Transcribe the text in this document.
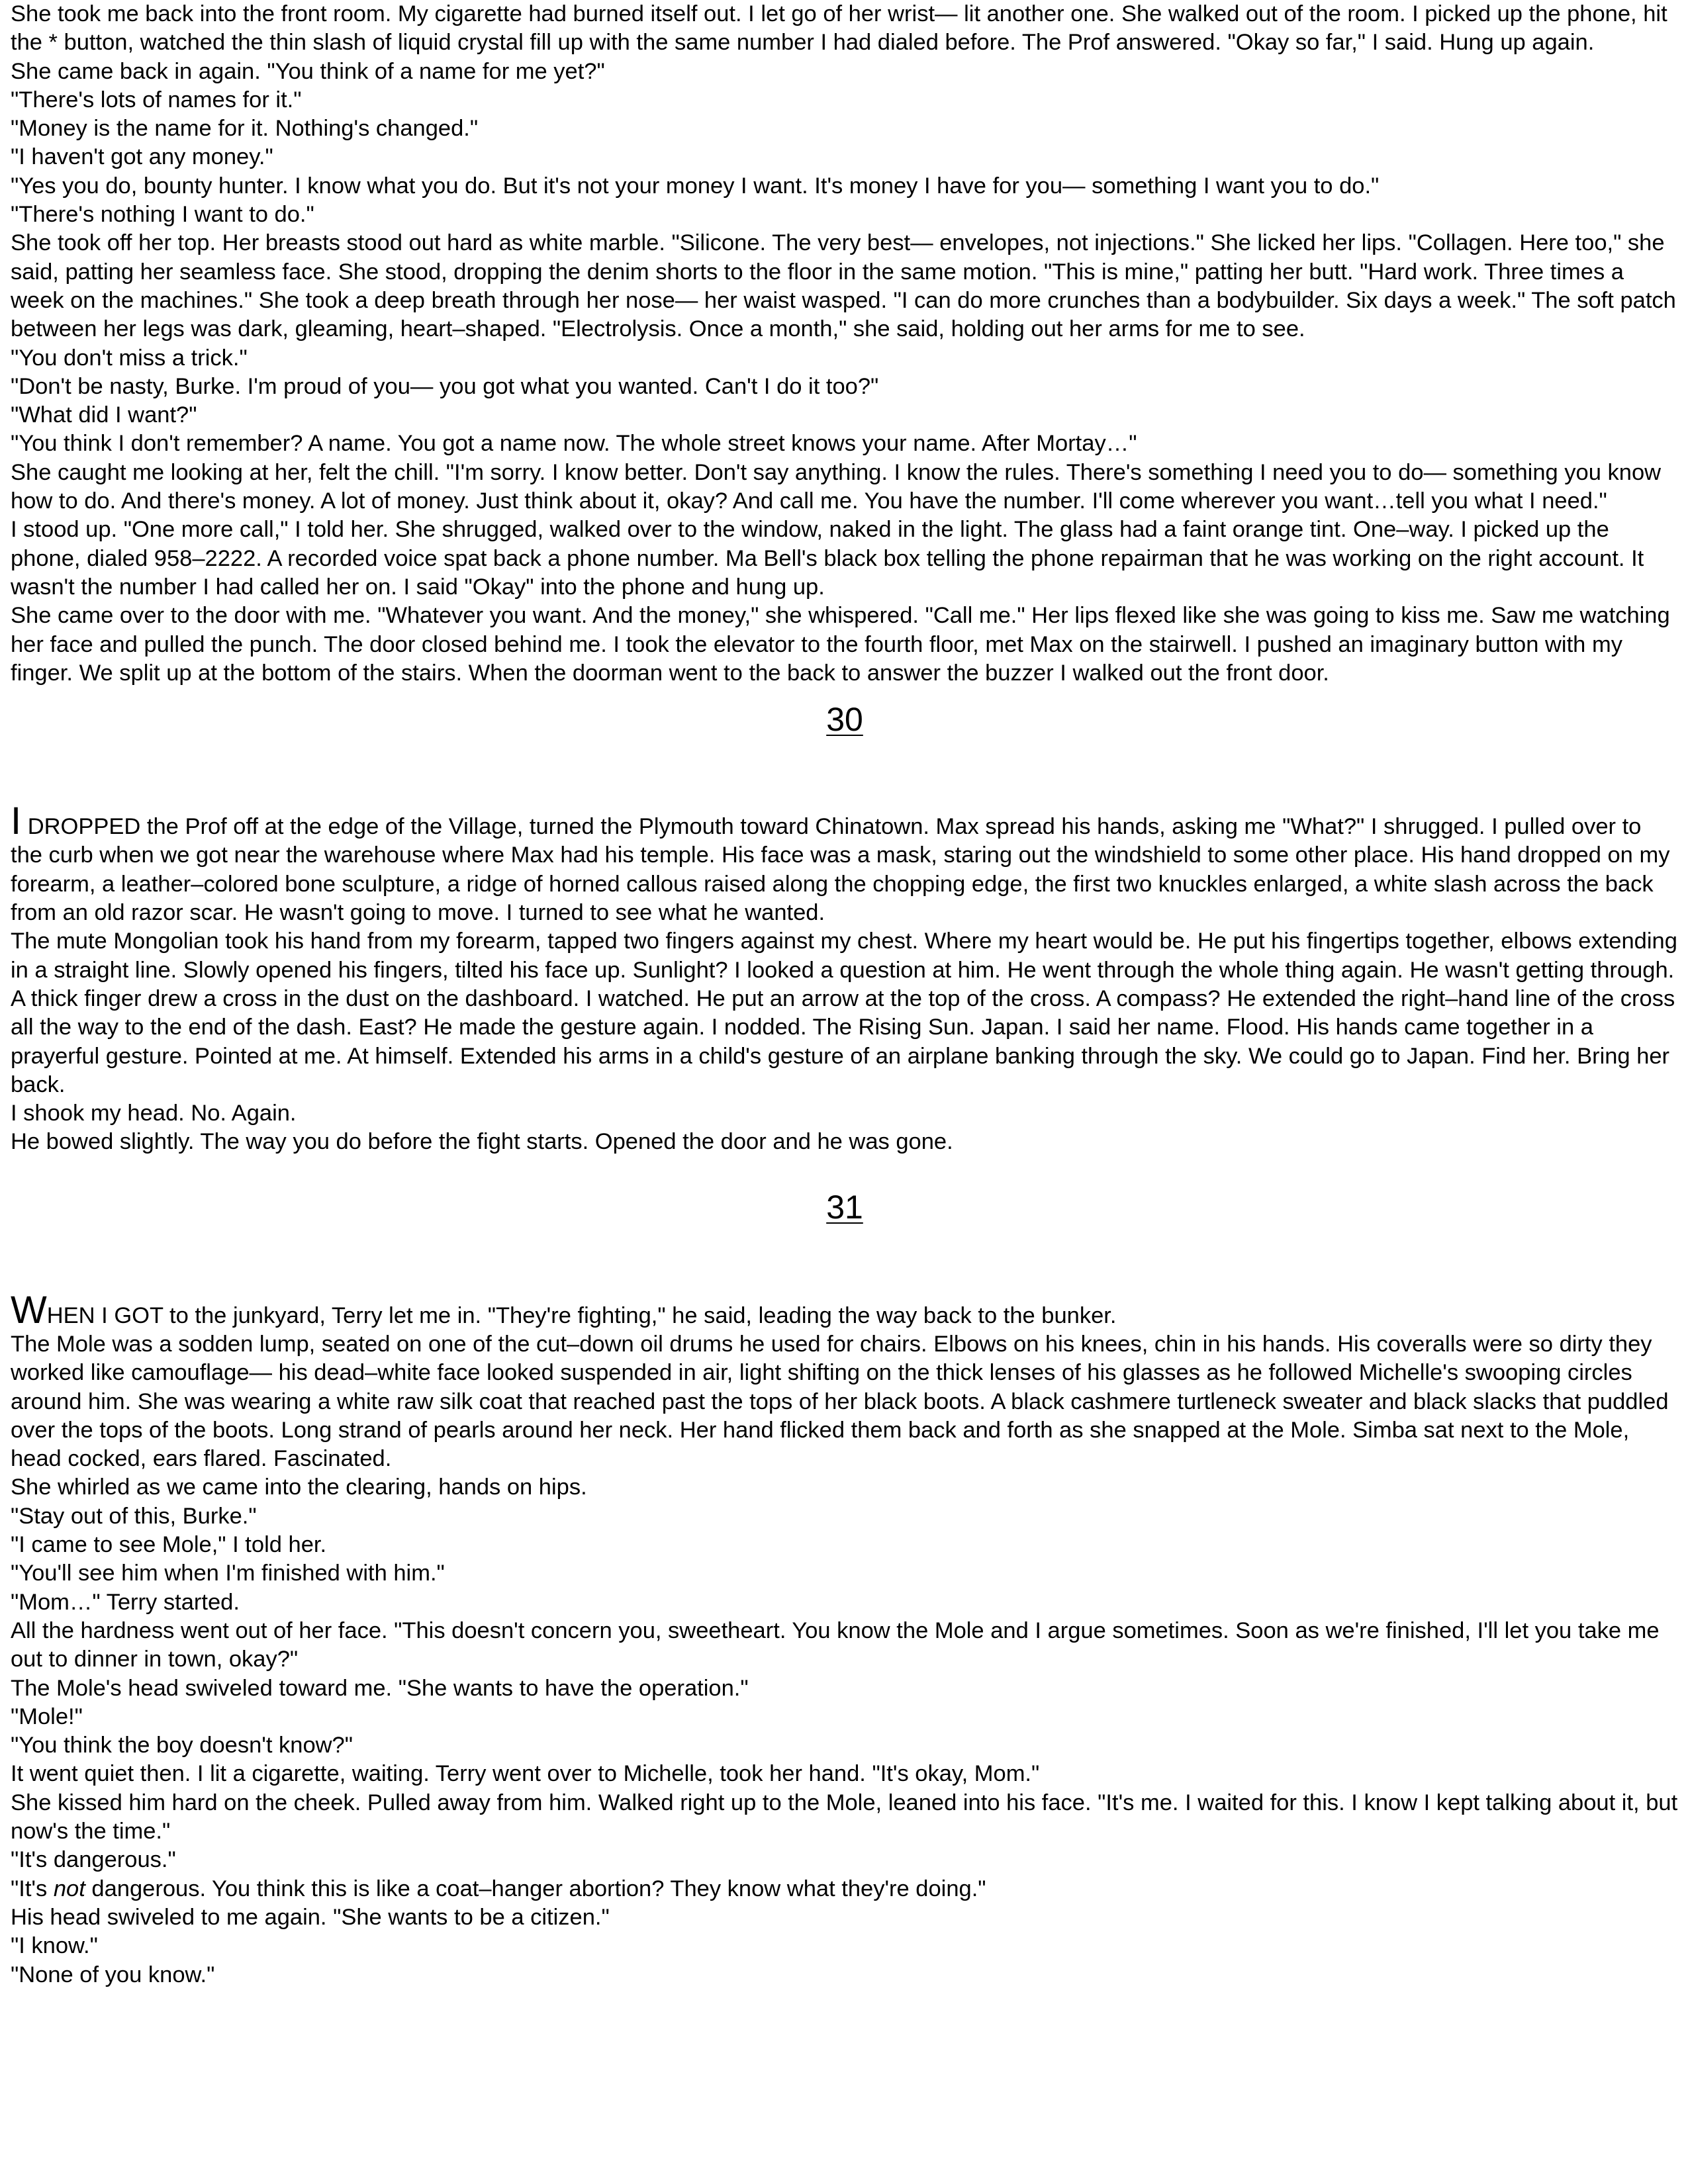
She took me back into the front room. My cigarette had burned itself out. I let go of her wrist— lit another one. She walked out of the room. I picked up the phone, hit the * button, watched the thin slash of liquid crystal fill up with the same number I had dialed before. The Prof answered. "Okay so far," I said. Hung up again.

She came back in again. "You think of a name for me yet?"

"There's lots of names for it."

"Money is the name for it. Nothing's changed."

"I haven't got any money."

"Yes you do, bounty hunter. I know what you do. But it's not your money I want. It's money I have for you— something I want you to do."

"There's nothing I want to do."

She took off her top. Her breasts stood out hard as white marble. "Silicone. The very best— envelopes, not injections." She licked her lips. "Collagen. Here too," she said, patting her seamless face. She stood, dropping the denim shorts to the floor in the same motion. "This is mine," patting her butt. "Hard work. Three times a week on the machines." She took a deep breath through her nose— her waist wasped. "I can do more crunches than a bodybuilder. Six days a week." The soft patch between her legs was dark, gleaming, heart–shaped. "Electrolysis. Once a month," she said, holding out her arms for me to see.

"You don't miss a trick."

"Don't be nasty, Burke. I'm proud of you— you got what you wanted. Can't I do it too?"

"What did I want?"

"You think I don't remember? A name. You got a name now. The whole street knows your name. After Mortay…"

She caught me looking at her, felt the chill. "I'm sorry. I know better. Don't say anything. I know the rules. There's something I need you to do— something you know how to do. And there's money. A lot of money. Just think about it, okay? And call me. You have the number. I'll come wherever you want…tell you what I need."

I stood up. "One more call," I told her. She shrugged, walked over to the window, naked in the light. The glass had a faint orange tint. One–way. I picked up the phone, dialed 958–2222. A recorded voice spat back a phone number. Ma Bell's black box telling the phone repairman that he was working on the right account. It wasn't the number I had called her on. I said "Okay" into the phone and hung up.

She came over to the door with me. "Whatever you want. And the money," she whispered. "Call me." Her lips flexed like she was going to kiss me. Saw me watching her face and pulled the punch. The door closed behind me. I took the elevator to the fourth floor, met Max on the stairwell. I pushed an imaginary button with my finger. We split up at the bottom of the stairs. When the doorman went to the back to answer the buzzer I walked out the front door.

30

I DROPPED the Prof off at the edge of the Village, turned the Plymouth toward Chinatown. Max spread his hands, asking me "What?" I shrugged. I pulled over to the curb when we got near the warehouse where Max had his temple. His face was a mask, staring out the windshield to some other place. His hand dropped on my forearm, a leather–colored bone sculpture, a ridge of horned callous raised along the chopping edge, the first two knuckles enlarged, a white slash across the back from an old razor scar. He wasn't going to move. I turned to see what he wanted.

The mute Mongolian took his hand from my forearm, tapped two fingers against my chest. Where my heart would be. He put his fingertips together, elbows extending in a straight line. Slowly opened his fingers, tilted his face up. Sunlight? I looked a question at him. He went through the whole thing again. He wasn't getting through. A thick finger drew a cross in the dust on the dashboard. I watched. He put an arrow at the top of the cross. A compass? He extended the right–hand line of the cross all the way to the end of the dash. East? He made the gesture again. I nodded. The Rising Sun. Japan. I said her name. Flood. His hands came together in a prayerful gesture. Pointed at me. At himself. Extended his arms in a child's gesture of an airplane banking through the sky. We could go to Japan. Find her. Bring her back.

I shook my head. No. Again.

He bowed slightly. The way you do before the fight starts. Opened the door and he was gone.

31

WHEN I GOT to the junkyard, Terry let me in. "They're fighting," he said, leading the way back to the bunker.

The Mole was a sodden lump, seated on one of the cut–down oil drums he used for chairs. Elbows on his knees, chin in his hands. His coveralls were so dirty they worked like camouflage— his dead–white face looked suspended in air, light shifting on the thick lenses of his glasses as he followed Michelle's swooping circles around him. She was wearing a white raw silk coat that reached past the tops of her black boots. A black cashmere turtleneck sweater and black slacks that puddled over the tops of the boots. Long strand of pearls around her neck. Her hand flicked them back and forth as she snapped at the Mole. Simba sat next to the Mole, head cocked, ears flared. Fascinated.

She whirled as we came into the clearing, hands on hips.

"Stay out of this, Burke."

"I came to see Mole," I told her.

"You'll see him when I'm finished with him."

"Mom…" Terry started.

All the hardness went out of her face. "This doesn't concern you, sweetheart. You know the Mole and I argue sometimes. Soon as we're finished, I'll let you take me out to dinner in town, okay?"

The Mole's head swiveled toward me. "She wants to have the operation."

"Mole!"

"You think the boy doesn't know?"

It went quiet then. I lit a cigarette, waiting. Terry went over to Michelle, took her hand. "It's okay, Mom."

She kissed him hard on the cheek. Pulled away from him. Walked right up to the Mole, leaned into his face. "It's me. I waited for this. I know I kept talking about it, but now's the time."

"It's dangerous."

"It's not dangerous. You think this is like a coat–hanger abortion? They know what they're doing."

His head swiveled to me again. "She wants to be a citizen."

"I know."

"None of you know."
